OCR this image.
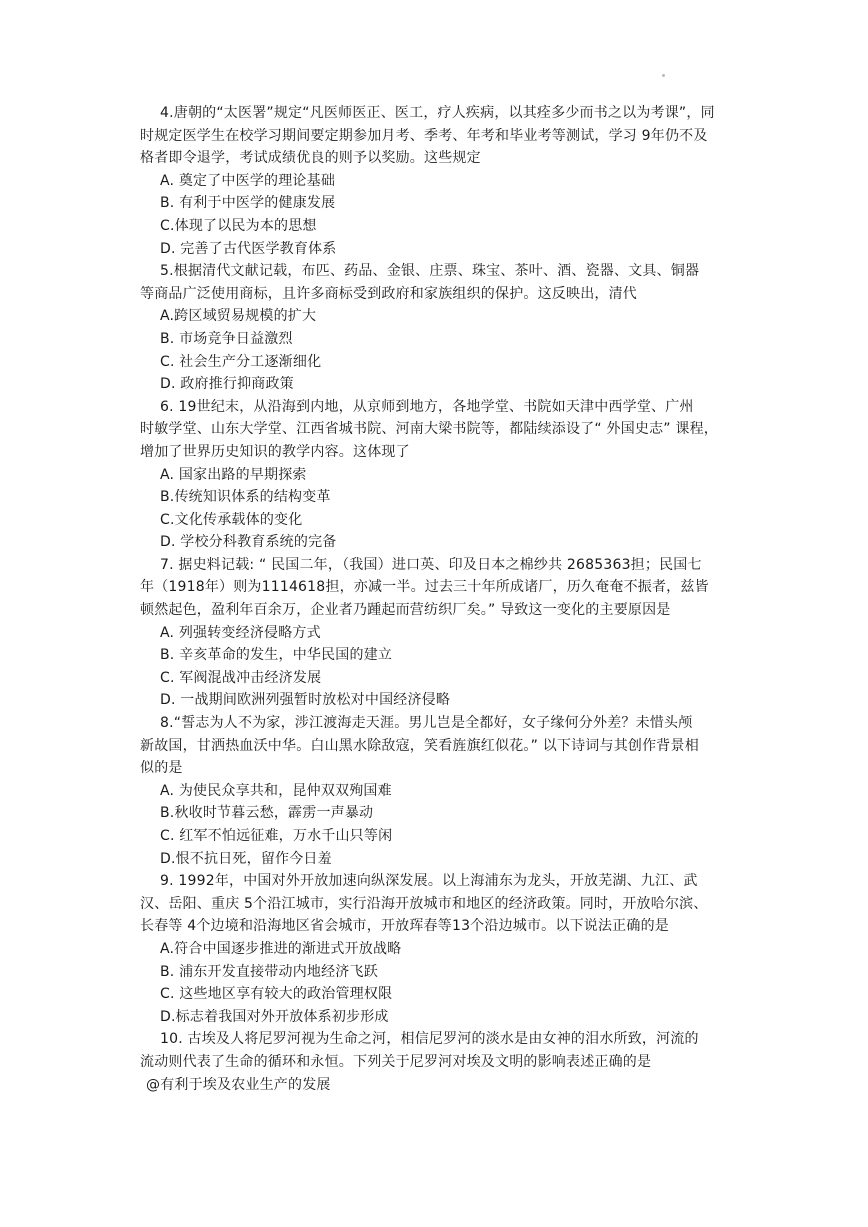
4.唐朝的“太医署”规定“凡医师医正、医工，疗人疾病，以其痊多少而书之以为考课”，同
时规定医学生在校学习期间要定期参加月考、季考、年考和毕业考等测试，学习 9年仍不及
格者即令退学，考试成绩优良的则予以奖励。这些规定
A. 奠定了中医学的理论基础
B. 有利于中医学的健康发展
C.体现了以民为本的思想
D. 完善了古代医学教育体系
5.根据清代文献记载，布匹、药品、金银、庄票、珠宝、茶叶、酒、瓷器、文具、铜器
等商品广泛使用商标，且许多商标受到政府和家族组织的保护。这反映出，清代
A.跨区域贸易规模的扩大
B. 市场竞争日益激烈
C. 社会生产分工逐渐细化
D. 政府推行抑商政策
6. 19世纪末，从沿海到内地，从京师到地方，各地学堂、书院如天津中西学堂、广州
时敏学堂、山东大学堂、江西省城书院、河南大梁书院等，都陆续添设了“ 外国史志” 课程，
增加了世界历史知识的教学内容。这体现了
A. 国家出路的早期探索
B.传统知识体系的结构变革
C.文化传承载体的变化
D. 学校分科教育系统的完备
7. 据史料记载: “ 民国二年，（我国）进口英、印及日本之棉纱共 2685363担；民国七
年（1918年）则为1114618担，亦减一半。过去三十年所成诸厂，历久奄奄不振者，兹皆
顿然起色，盈利年百余万，企业者乃踵起而营纺织厂矣。” 导致这一变化的主要原因是
A. 列强转变经济侵略方式
B. 辛亥革命的发生，中华民国的建立
C. 军阀混战冲击经济发展
D. 一战期间欧洲列强暂时放松对中国经济侵略
8.“誓志为人不为家，涉江渡海走天涯。男儿岂是全都好，女子缘何分外差？未惜头颅
新故国，甘洒热血沃中华。白山黑水除敌寇，笑看旌旗红似花。” 以下诗词与其创作背景相
似的是
A. 为使民众享共和，昆仲双双殉国难
B.秋收时节暮云愁，霹雳一声暴动
C. 红军不怕远征难，万水千山只等闲
D.恨不抗日死，留作今日羞
9. 1992年，中国对外开放加速向纵深发展。以上海浦东为龙头，开放芜湖、九江、武
汉、岳阳、重庆 5个沿江城市，实行沿海开放城市和地区的经济政策。同时，开放哈尔滨、
长春等 4个边境和沿海地区省会城市，开放珲春等13个沿边城市。以下说法正确的是
A.符合中国逐步推进的渐进式开放战略
B. 浦东开发直接带动内地经济飞跃
C. 这些地区享有较大的政治管理权限
D.标志着我国对外开放体系初步形成
10. 古埃及人将尼罗河视为生命之河，相信尼罗河的淡水是由女神的泪水所致，河流的
流动则代表了生命的循环和永恒。下列关于尼罗河对埃及文明的影响表述正确的是
@有利于埃及农业生产的发展
